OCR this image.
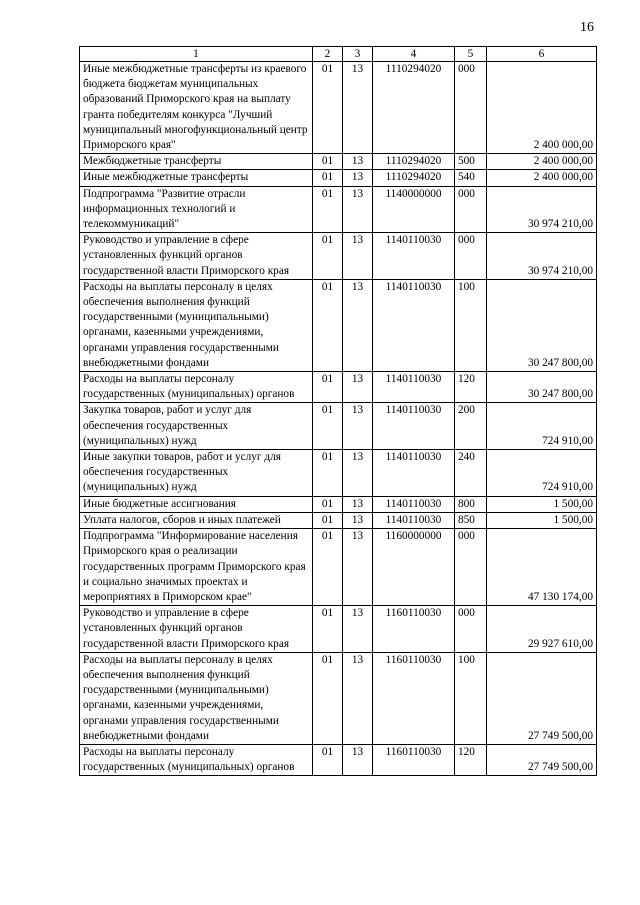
16
1	2	3	4	5	6
Иные межбюджетные трансферты из краевого бюджета бюджетам муниципальных образований Приморского края на выплату гранта победителям конкурса "Лучший муниципальный многофункциональный центр Приморского края"	01	13	1110294020	000	2 400 000,00
Межбюджетные трансферты	01	13	1110294020	500	2 400 000,00
Иные межбюджетные трансферты	01	13	1110294020	540	2 400 000,00
Подпрограмма "Развитие отрасли информационных технологий и телекоммуникаций"	01	13	1140000000	000	30 974 210,00
Руководство и управление в сфере установленных функций органов государственной власти Приморского края	01	13	1140110030	000	30 974 210,00
Расходы на выплаты персоналу в целях обеспечения выполнения функций государственными (муниципальными) органами, казенными учреждениями, органами управления государственными внебюджетными фондами	01	13	1140110030	100	30 247 800,00
Расходы на выплаты персоналу государственных (муниципальных) органов	01	13	1140110030	120	30 247 800,00
Закупка товаров, работ и услуг для обеспечения государственных (муниципальных) нужд	01	13	1140110030	200	724 910,00
Иные закупки товаров, работ и услуг для обеспечения государственных (муниципальных) нужд	01	13	1140110030	240	724 910,00
Иные бюджетные ассигнования	01	13	1140110030	800	1 500,00
Уплата налогов, сборов и иных платежей	01	13	1140110030	850	1 500,00
Подпрограмма "Информирование населения Приморского края о реализации государственных программ Приморского края и социально значимых проектах и мероприятиях в Приморском крае"	01	13	1160000000	000	47 130 174,00
Руководство и управление в сфере установленных функций органов государственной власти Приморского края	01	13	1160110030	000	29 927 610,00
Расходы на выплаты персоналу в целях обеспечения выполнения функций государственными (муниципальными) органами, казенными учреждениями, органами управления государственными внебюджетными фондами	01	13	1160110030	100	27 749 500,00
Расходы на выплаты персоналу государственных (муниципальных) органов	01	13	1160110030	120	27 749 500,00
